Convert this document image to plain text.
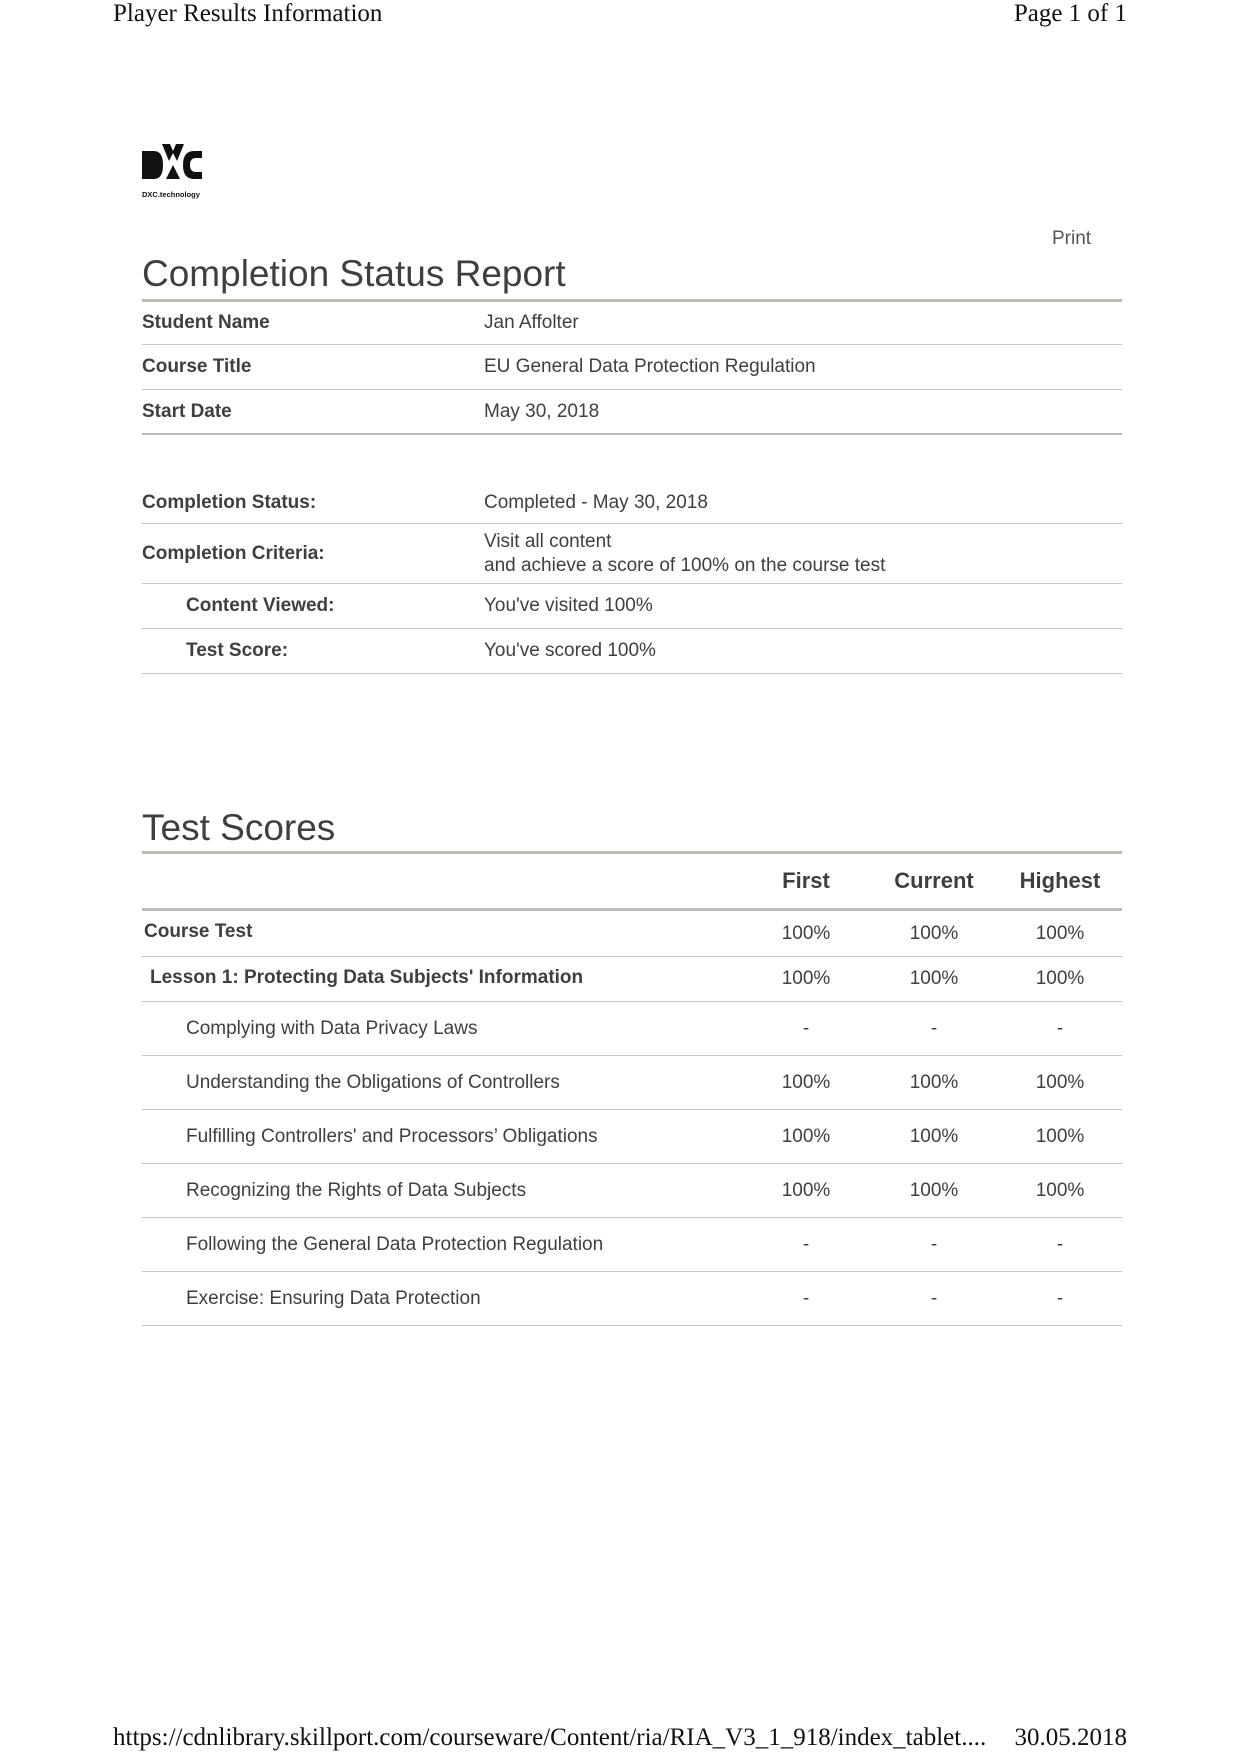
Player Results Information	Page 1 of 1
DXC.technology
Print
Completion Status Report
Student Name	Jan Affolter
Course Title	EU General Data Protection Regulation
Start Date	May 30, 2018
Completion Status:	Completed - May 30, 2018
Completion Criteria:
Visit all content
and achieve a score of 100% on the course test
Content Viewed:	You've visited 100%
Test Score:	You've scored 100%
Test Scores
	First	Current	Highest
Course Test	100%	100%	100%
Lesson 1: Protecting Data Subjects' Information	100%	100%	100%
Complying with Data Privacy Laws	-	-	-
Understanding the Obligations of Controllers	100%	100%	100%
Fulfilling Controllers' and Processors’ Obligations	100%	100%	100%
Recognizing the Rights of Data Subjects	100%	100%	100%
Following the General Data Protection Regulation	-	-	-
Exercise: Ensuring Data Protection	-	-	-
https://cdnlibrary.skillport.com/courseware/Content/ria/RIA_V3_1_918/index_tablet.... 30.05.2018
